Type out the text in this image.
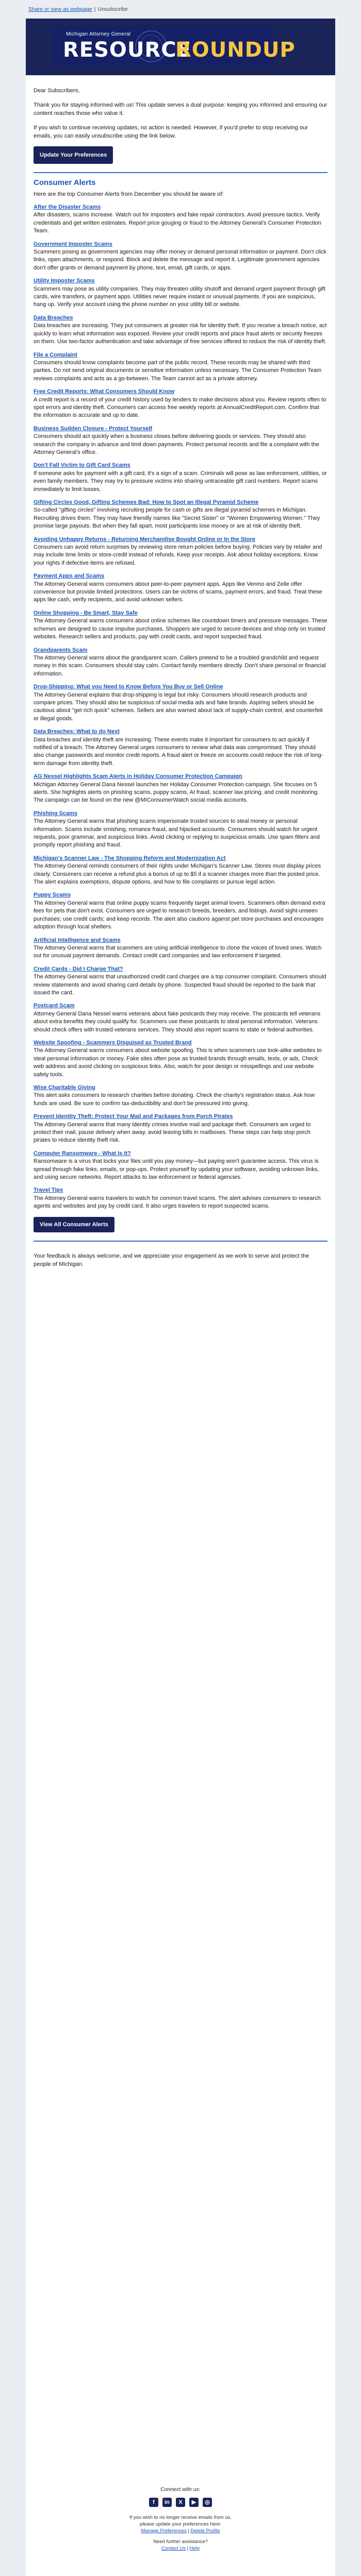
Share or view as webpage | Unsubscribe
Michigan Attorney General
RESOURCE
ROUNDUP

Dear Subscribers,

Thank you for staying informed with us! This update serves a dual purpose: keeping you informed and ensuring our content reaches those who value it.

If you wish to continue receiving updates, no action is needed. However, if you'd prefer to stop receiving our emails, you can easily unsubscribe using the link below.

Update Your Preferences
Consumer Alerts
Here are the top Consumer Alerts from December you should be aware of:
After the Disaster Scams
After disasters, scams increase. Watch out for imposters and fake repair contractors. Avoid pressure tactics. Verify credentials and get written estimates. Report price gouging or fraud to the Attorney General's Consumer Protection Team.
Government Imposter Scams
Scammers posing as government agencies may offer money or demand personal information or payment. Don't click links, open attachments, or respond. Block and delete the message and report it. Legitimate government agencies don't offer grants or demand payment by phone, text, email, gift cards, or apps.
Utility Imposter Scams
Scammers may pose as utility companies. They may threaten utility shutoff and demand urgent payment through gift cards, wire transfers, or payment apps. Utilities never require instant or unusual payments. If you are suspicious, hang up. Verify your account using the phone number on your utility bill or website.
Data Breaches
Data breaches are increasing. They put consumers at greater risk for identity theft. If you receive a breach notice, act quickly to learn what information was exposed. Review your credit reports and place fraud alerts or security freezes on them. Use two-factor authentication and take advantage of free services offered to reduce the risk of identity theft.
File a Complaint
Consumers should know complaints become part of the public record. These records may be shared with third parties. Do not send original documents or sensitive information unless necessary. The Consumer Protection Team reviews complaints and acts as a go-between. The Team cannot act as a private attorney.
Free Credit Reports: What Consumers Should Know
A credit report is a record of your credit history used by lenders to make decisions about you. Review reports often to spot errors and identity theft. Consumers can access free weekly reports at AnnualCreditReport.com. Confirm that the information is accurate and up to date.
Business Sudden Closure - Protect Yourself
Consumers should act quickly when a business closes before delivering goods or services. They should also research the company in advance and limit down payments. Protect personal records and file a complaint with the Attorney General's office.
Don't Fall Victim to Gift Card Scams
If someone asks for payment with a gift card, it's a sign of a scam. Criminals will pose as law enforcement, utilities, or even family members. They may try to pressure victims into sharing untraceable gift card numbers. Report scams immediately to limit losses.
Gifting Circles Good, Gifting Schemes Bad: How to Spot an Illegal Pyramid Scheme
So-called "gifting circles" involving recruiting people for cash or gifts are illegal pyramid schemes in Michigan. Recruiting drives them. They may have friendly names like "Secret Sister" or "Women Empowering Women." They promise large payouts. But when they fall apart, most participants lose money or are at risk of identity theft.
Avoiding Unhappy Returns - Returning Merchandise Bought Online or In the Store
Consumers can avoid return surprises by reviewing store return policies before buying. Policies vary by retailer and may include time limits or store-credit instead of refunds. Keep your receipts. Ask about holiday exceptions. Know your rights if defective items are refused.
Payment Apps and Scams
The Attorney General warns consumers about peer-to-peer payment apps. Apps like Venmo and Zelle offer convenience but provide limited protections. Users can be victims of scams, payment errors, and fraud. Treat these apps like cash, verify recipients, and avoid unknown sellers.
Online Shopping - Be Smart, Stay Safe
The Attorney General warns consumers about online schemes like countdown timers and pressure messages. These schemes are designed to cause impulse purchases. Shoppers are urged to secure devices and shop only on trusted websites. Research sellers and products, pay with credit cards, and report suspected fraud.
Grandparents Scam
The Attorney General warns about the grandparent scam. Callers pretend to be a troubled grandchild and request money in this scam. Consumers should stay calm. Contact family members directly. Don't share personal or financial information.
Drop-Shipping: What you Need to Know Before You Buy or Sell Online
The Attorney General explains that drop-shipping is legal but risky. Consumers should research products and compare prices. They should also be suspicious of social media ads and fake brands. Aspiring sellers should be cautious about "get rich quick" schemes. Sellers are also warned about lack of supply-chain control, and counterfeit or illegal goods.
Data Breaches: What to do Next
Data breaches and identity theft are increasing. These events make it important for consumers to act quickly if notified of a breach. The Attorney General urges consumers to review what data was compromised. They should also change passwords and monitor credit reports. A fraud alert or freeze on accounts could reduce the risk of long-term damage from identity theft.
AG Nessel Highlights Scam Alerts in Holiday Consumer Protection Campaign
Michigan Attorney General Dana Nessel launches her Holiday Consumer Protection campaign. She focuses on 5 alerts. She highlights alerts on phishing scams, puppy scams, AI fraud, scanner law pricing, and credit monitoring. The campaign can be found on the new @MIConsumerWatch social media accounts.
Phishing Scams
The Attorney General warns that phishing scams impersonate trusted sources to steal money or personal information. Scams include smishing, romance fraud, and hijacked accounts. Consumers should watch for urgent requests, poor grammar, and suspicious links. Avoid clicking or replying to suspicious emails. Use spam filters and promptly report phishing and fraud.
Michigan's Scanner Law - The Shopping Reform and Modernization Act
The Attorney General reminds consumers of their rights under Michigan's Scanner Law. Stores must display prices clearly. Consumers can receive a refund plus a bonus of up to $5 if a scanner charges more than the posted price. The alert explains exemptions, dispute options, and how to file complaints or pursue legal action.
Puppy Scams
The Attorney General warns that online puppy scams frequently target animal lovers. Scammers often demand extra fees for pets that don't exist. Consumers are urged to research breeds, breeders, and listings. Avoid sight-unseen purchases; use credit cards; and keep records. The alert also cautions against pet store purchases and encourages adoption through local shelters.
Artificial Intelligence and Scams
The Attorney General warns that scammers are using artificial intelligence to clone the voices of loved ones. Watch out for unusual payment demands. Contact credit card companies and law enforcement if targeted.
Credit Cards - Did I Charge That?
The Attorney General warns that unauthorized credit card charges are a top consumer complaint. Consumers should review statements and avoid sharing card details by phone. Suspected fraud should be reported to the bank that issued the card.
Postcard Scam
Attorney General Dana Nessel warns veterans about fake postcards they may receive. The postcards tell veterans about extra benefits they could qualify for. Scammers use these postcards to steal personal information. Veterans should check offers with trusted veterans services. They should also report scams to state or federal authorities.
Website Spoofing - Scammers Disguised as Trusted Brand
The Attorney General warns consumers about website spoofing. This is when scammers use look-alike websites to steal personal information or money. Fake sites often pose as trusted brands through emails, texts, or ads. Check web address and avoid clicking on suspicious links. Also, watch for poor design or misspellings and use website safety tools.
Wise Charitable Giving
This alert asks consumers to research charities before donating. Check the charity's registration status. Ask how funds are used. Be sure to confirm tax-deductibility and don't be pressured into giving.
Prevent Identity Theft: Protect Your Mail and Packages from Porch Pirates
The Attorney General warns that many identity crimes involve mail and package theft. Consumers are urged to protect their mail, pause delivery when away, avoid leaving bills in mailboxes. These steps can help stop porch pirates to reduce identity theft risk.
Computer Ransomware - What Is It?
Ransomware is a virus that locks your files until you pay money—but paying won't guarantee access. This virus is spread through fake links, emails, or pop-ups. Protect yourself by updating your software, avoiding unknown links, and using secure networks. Report attacks to law enforcement or federal agencies.
Travel Tips
The Attorney General warns travelers to watch for common travel scams. The alert advises consumers to research agents and websites and pay by credit card. It also urges travelers to report suspected scams.
View All Consumer Alerts
Your feedback is always welcome, and we appreciate your engagement as we work to serve and protect the people of Michigan.
Connect with us:
f	in	X	▶	◎
If you wish to no longer receive emails from us,
please update your preferences here:
Manage Preferences | Delete Profile
Need further assistance?
Contact Us | Help
